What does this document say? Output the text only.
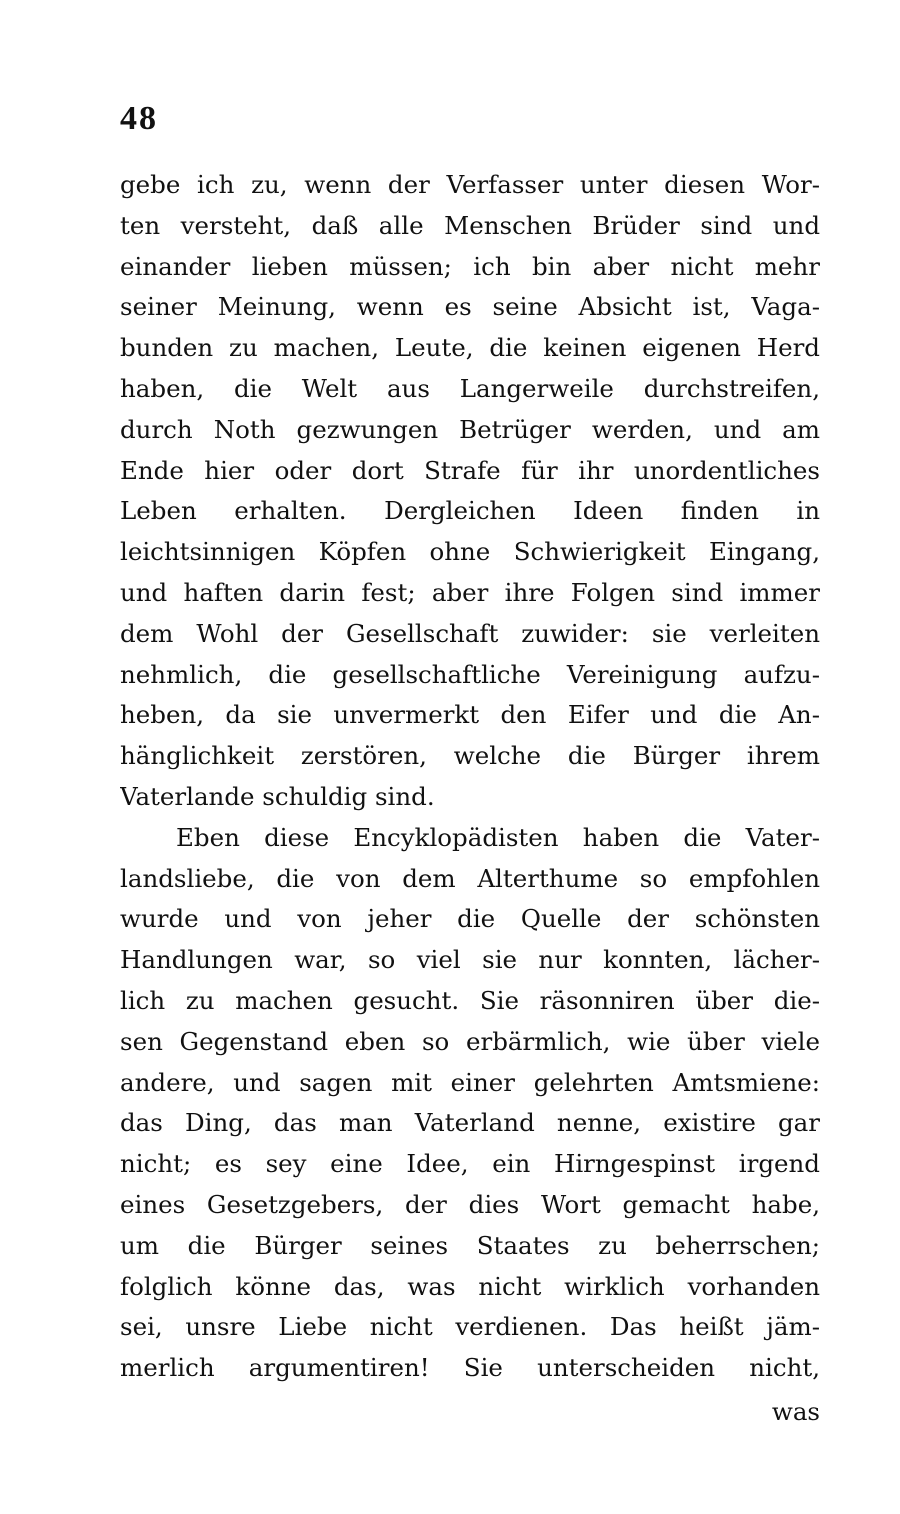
48
gebe ich zu, wenn der Verfasser unter diesen Wor-
ten versteht, daß alle Menschen Brüder sind und
einander lieben müssen; ich bin aber nicht mehr
seiner Meinung, wenn es seine Absicht ist, Vaga-
bunden zu machen, Leute, die keinen eigenen Herd
haben, die Welt aus Langerweile durchstreifen,
durch Noth gezwungen Betrüger werden, und am
Ende hier oder dort Strafe für ihr unordentliches
Leben erhalten. Dergleichen Ideen finden in
leichtsinnigen Köpfen ohne Schwierigkeit Eingang,
und haften darin fest; aber ihre Folgen sind immer
dem Wohl der Gesellschaft zuwider: sie verleiten
nehmlich, die gesellschaftliche Vereinigung aufzu-
heben, da sie unvermerkt den Eifer und die An-
hänglichkeit zerstören, welche die Bürger ihrem
Vaterlande schuldig sind.
Eben diese Encyklopädisten haben die Vater-
landsliebe, die von dem Alterthume so empfohlen
wurde und von jeher die Quelle der schönsten
Handlungen war, so viel sie nur konnten, lächer-
lich zu machen gesucht. Sie räsonniren über die-
sen Gegenstand eben so erbärmlich, wie über viele
andere, und sagen mit einer gelehrten Amtsmiene:
das Ding, das man Vaterland nenne, existire gar
nicht; es sey eine Idee, ein Hirngespinst irgend
eines Gesetzgebers, der dies Wort gemacht habe,
um die Bürger seines Staates zu beherrschen;
folglich könne das, was nicht wirklich vorhanden
sei, unsre Liebe nicht verdienen. Das heißt jäm-
merlich argumentiren! Sie unterscheiden nicht,
was
